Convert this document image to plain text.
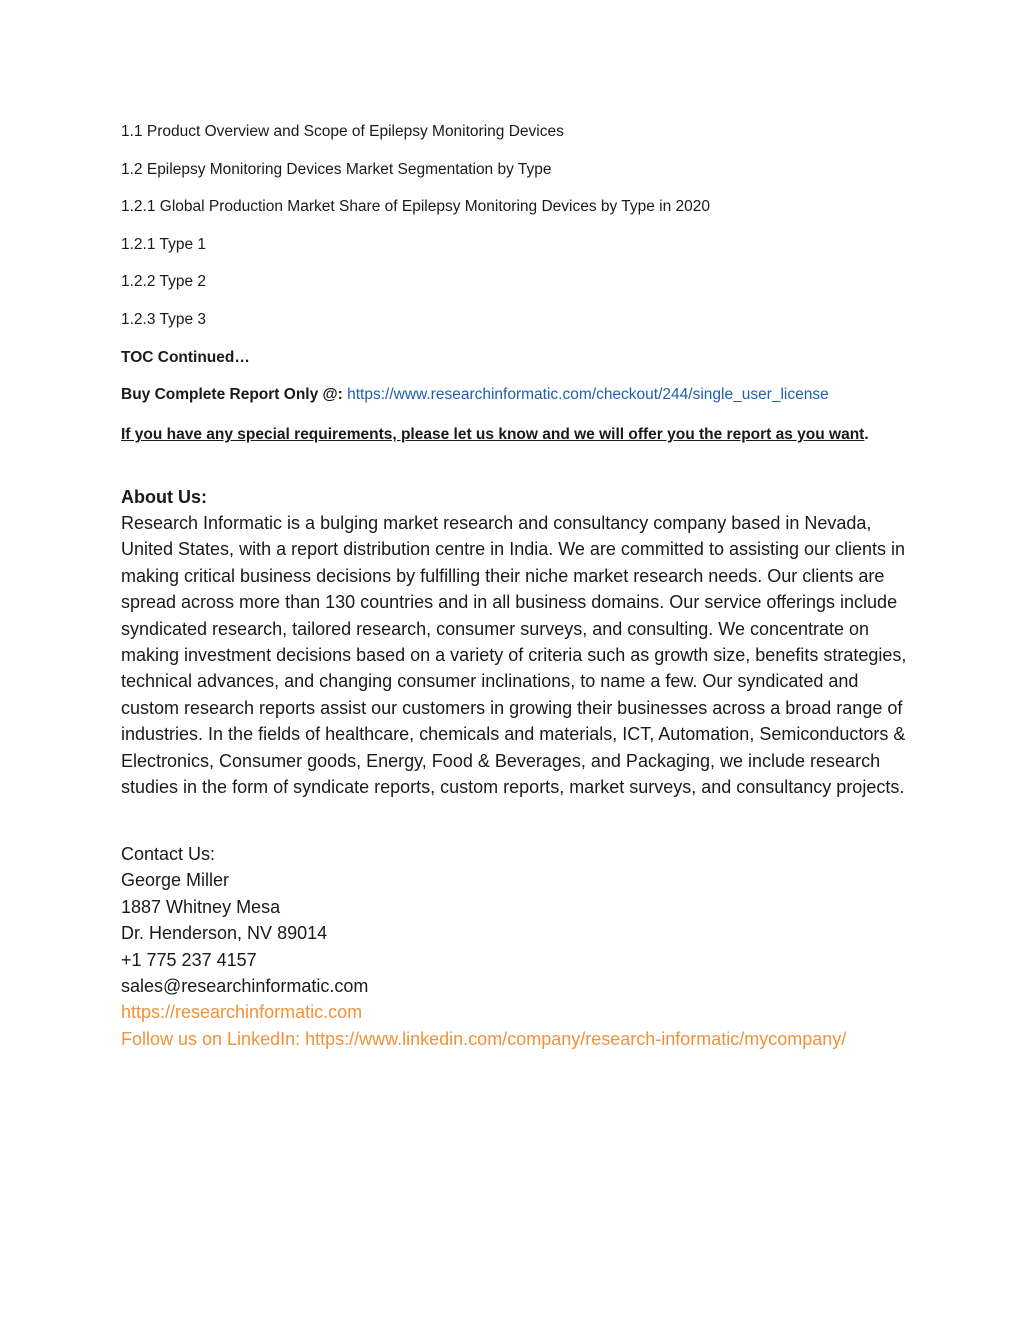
1.1 Product Overview and Scope of Epilepsy Monitoring Devices
1.2 Epilepsy Monitoring Devices Market Segmentation by Type
1.2.1 Global Production Market Share of Epilepsy Monitoring Devices by Type in 2020
1.2.1 Type 1
1.2.2 Type 2
1.2.3 Type 3
TOC Continued…
Buy Complete Report Only @: https://www.researchinformatic.com/checkout/244/single_user_license
If you have any special requirements, please let us know and we will offer you the report as you want.
About Us:
Research Informatic is a bulging market research and consultancy company based in Nevada, United States, with a report distribution centre in India. We are committed to assisting our clients in making critical business decisions by fulfilling their niche market research needs. Our clients are spread across more than 130 countries and in all business domains. Our service offerings include syndicated research, tailored research, consumer surveys, and consulting. We concentrate on making investment decisions based on a variety of criteria such as growth size, benefits strategies, technical advances, and changing consumer inclinations, to name a few. Our syndicated and custom research reports assist our customers in growing their businesses across a broad range of industries. In the fields of healthcare, chemicals and materials, ICT, Automation, Semiconductors & Electronics, Consumer goods, Energy, Food & Beverages, and Packaging, we include research studies in the form of syndicate reports, custom reports, market surveys, and consultancy projects.
Contact Us:
George Miller
1887 Whitney Mesa
Dr. Henderson, NV 89014
+1 775 237 4157
sales@researchinformatic.com
https://researchinformatic.com
Follow us on LinkedIn: https://www.linkedin.com/company/research-informatic/mycompany/
